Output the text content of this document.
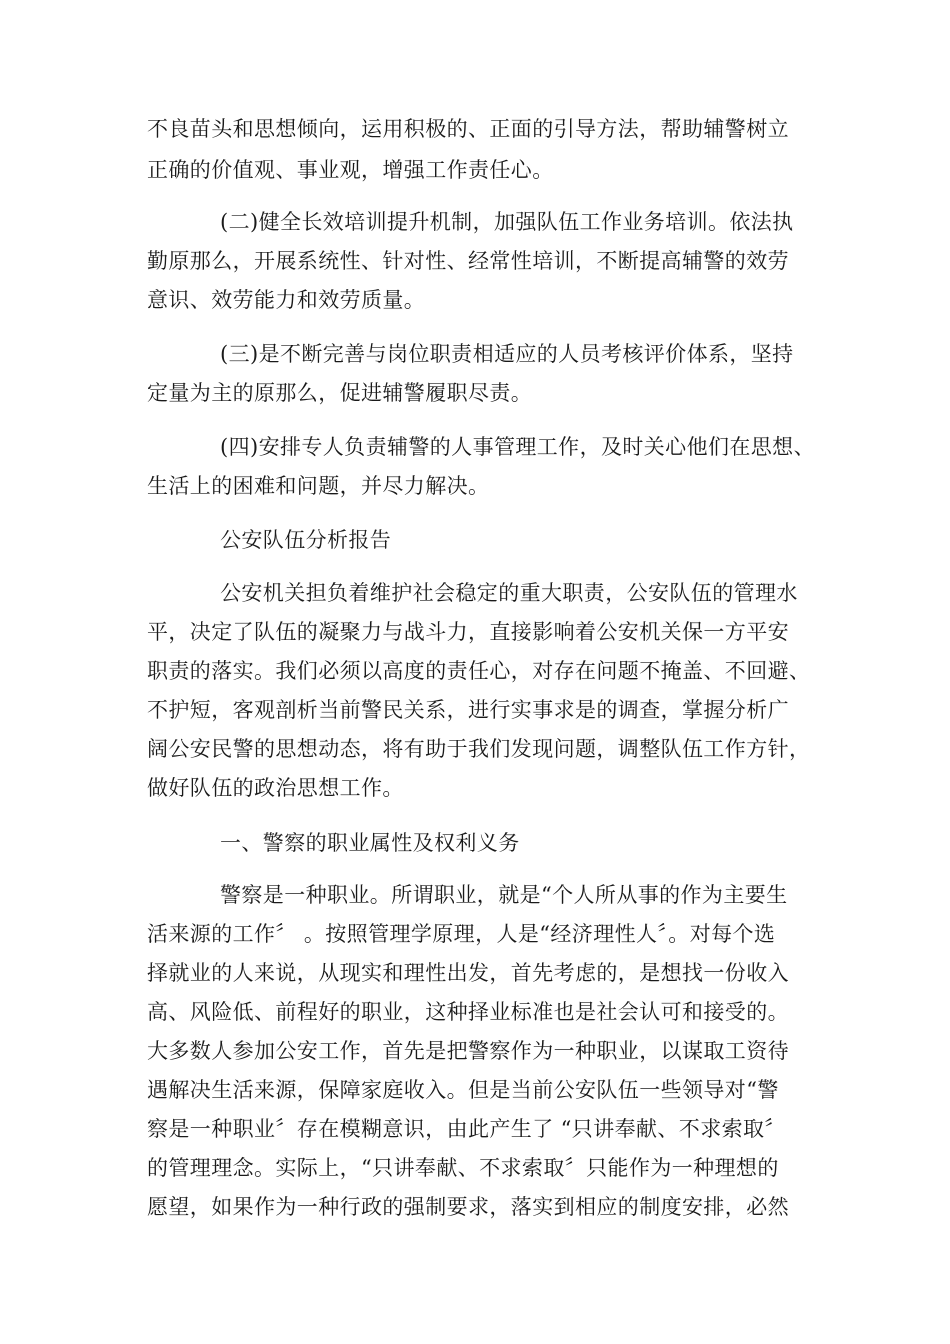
不良苗头和思想倾向，运用积极的、正面的引导方法，帮助辅警树立
正确的价值观、事业观，增强工作责任心。
(二)健全长效培训提升机制，加强队伍工作业务培训。依法执
勤原那么，开展系统性、针对性、经常性培训，不断提高辅警的效劳
意识、效劳能力和效劳质量。
(三)是不断完善与岗位职责相适应的人员考核评价体系，坚持
定量为主的原那么，促进辅警履职尽责。
(四)安排专人负责辅警的人事管理工作，及时关心他们在思想、
生活上的困难和问题，并尽力解决。
公安队伍分析报告
公安机关担负着维护社会稳定的重大职责，公安队伍的管理水
平，决定了队伍的凝聚力与战斗力，直接影响着公安机关保一方平安
职责的落实。我们必须以高度的责任心，对存在问题不掩盖、不回避、
不护短，客观剖析当前警民关系，进行实事求是的调查，掌握分析广
阔公安民警的思想动态，将有助于我们发现问题，调整队伍工作方针，
做好队伍的政治思想工作。
一、警察的职业属性及权利义务
警察是一种职业。所谓职业，就是“个人所从事的作为主要生
活来源的工作〞 。按照管理学原理，人是“经济理性人〞。对每个选
择就业的人来说，从现实和理性出发，首先考虑的，是想找一份收入
高、风险低、前程好的职业，这种择业标准也是社会认可和接受的。
大多数人参加公安工作，首先是把警察作为一种职业，以谋取工资待
遇解决生活来源，保障家庭收入。但是当前公安队伍一些领导对“警
察是一种职业〞存在模糊意识，由此产生了 “只讲奉献、不求索取〞
的管理理念。实际上，“只讲奉献、不求索取〞只能作为一种理想的
愿望，如果作为一种行政的强制要求，落实到相应的制度安排，必然
